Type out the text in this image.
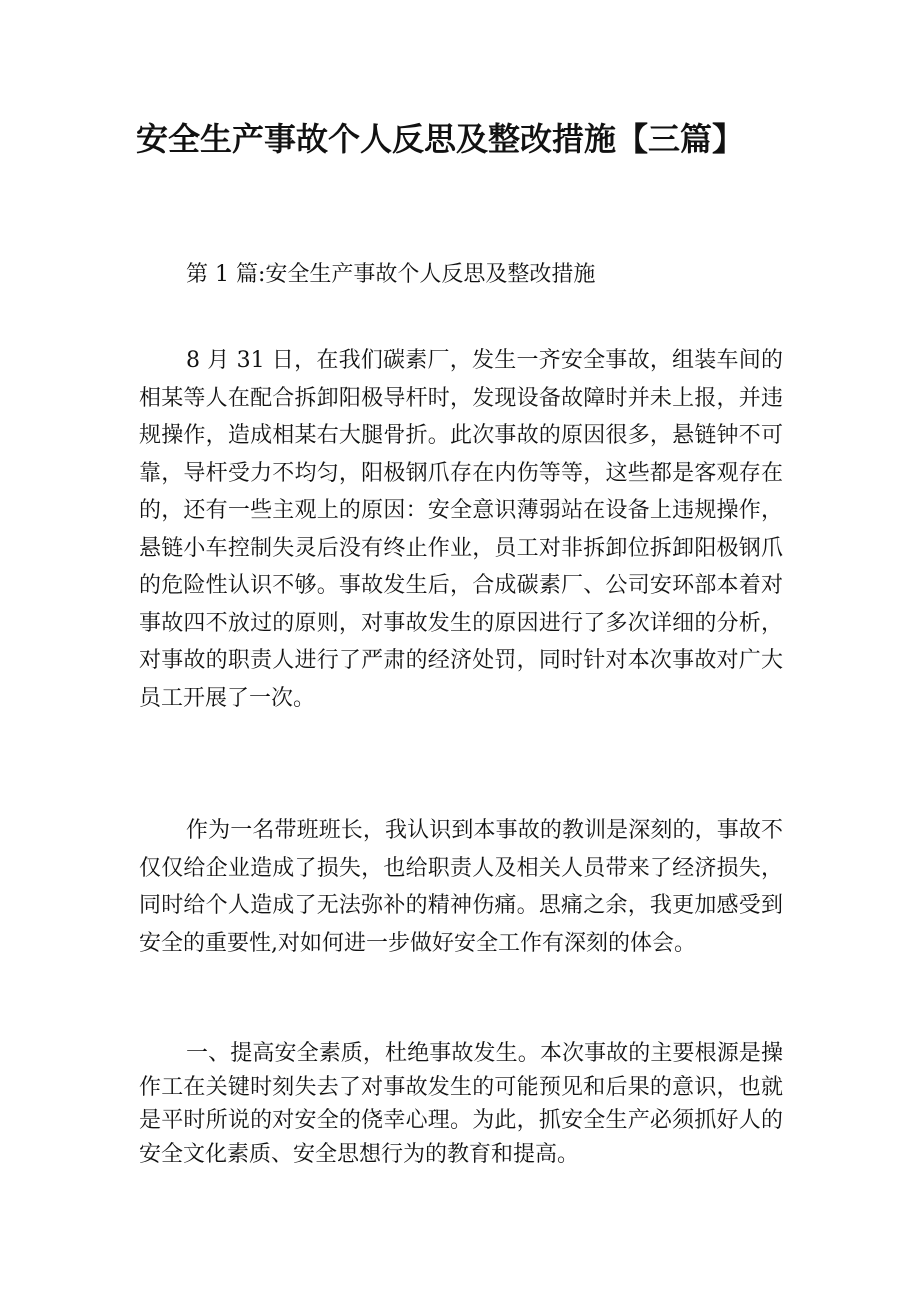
安全生产事故个人反思及整改措施【三篇】
第 1 篇:安全生产事故个人反思及整改措施

8 月 31 日，在我们碳素厂，发生一齐安全事故，组装车间的相某等人在配合拆卸阳极导杆时，发现设备故障时并未上报，并违规操作，造成相某右大腿骨折。此次事故的原因很多，悬链钟不可靠，导杆受力不均匀，阳极钢爪存在内伤等等，这些都是客观存在的，还有一些主观上的原因：安全意识薄弱站在设备上违规操作，悬链小车控制失灵后没有终止作业，员工对非拆卸位拆卸阳极钢爪的危险性认识不够。事故发生后，合成碳素厂、公司安环部本着对事故四不放过的原则，对事故发生的原因进行了多次详细的分析，对事故的职责人进行了严肃的经济处罚，同时针对本次事故对广大员工开展了一次。

作为一名带班班长，我认识到本事故的教训是深刻的，事故不仅仅给企业造成了损失，也给职责人及相关人员带来了经济损失，同时给个人造成了无法弥补的精神伤痛。思痛之余，我更加感受到安全的重要性,对如何进一步做好安全工作有深刻的体会。

一、提高安全素质，杜绝事故发生。本次事故的主要根源是操作工在关键时刻失去了对事故发生的可能预见和后果的意识，也就是平时所说的对安全的侥幸心理。为此，抓安全生产必须抓好人的安全文化素质、安全思想行为的教育和提高。
